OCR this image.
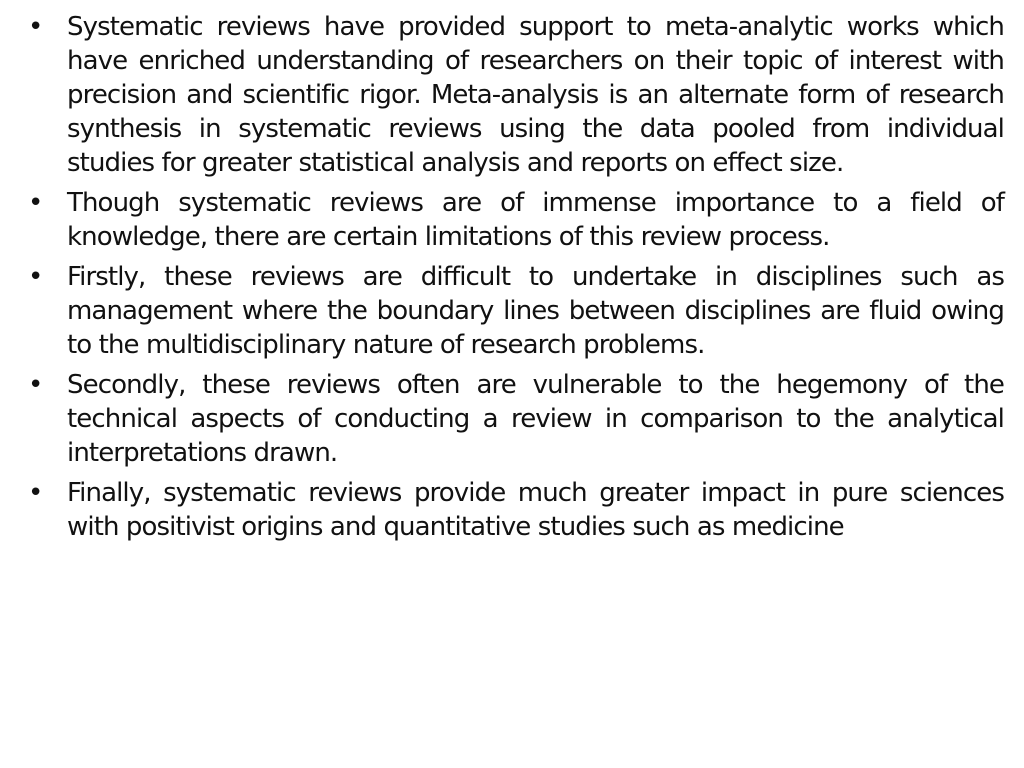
• Systematic reviews have provided support to meta-analytic works which have enriched understanding of researchers on their topic of interest with precision and scientific rigor. Meta-analysis is an alternate form of research synthesis in systematic reviews using the data pooled from individual studies for greater statistical analysis and reports on effect size.
• Though systematic reviews are of immense importance to a field of knowledge, there are certain limitations of this review process.
• Firstly, these reviews are difficult to undertake in disciplines such as management where the boundary lines between disciplines are fluid owing to the multidisciplinary nature of research problems.
• Secondly, these reviews often are vulnerable to the hegemony of the technical aspects of conducting a review in comparison to the analytical interpretations drawn.
• Finally, systematic reviews provide much greater impact in pure sciences with positivist origins and quantitative studies such as medicine
